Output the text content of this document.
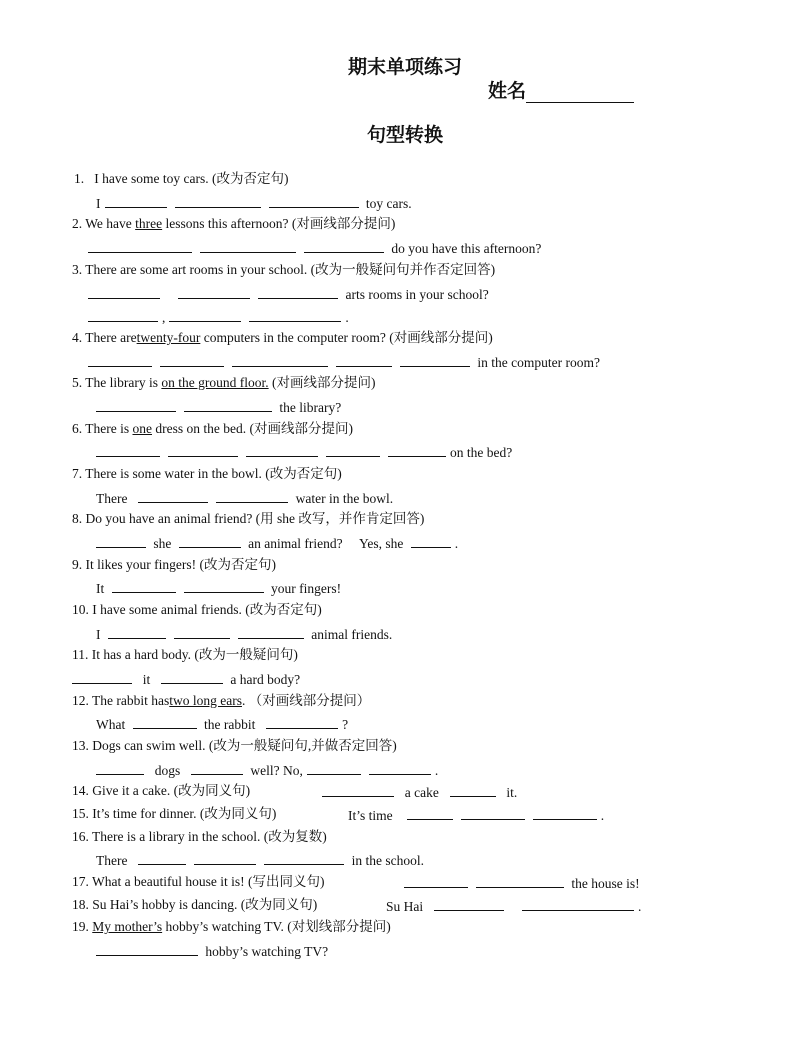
期末单项练习
姓名
句型转换
1. I have some toy cars. (改为否定句)
I	toy cars.
2. We have three lessons this afternoon? (对画线部分提问)
do you have this afternoon?
3. There are some art rooms in your school. (改为一般疑问句并作否定回答)
arts rooms in your school?
,	.
4. There aretwenty-four computers in the computer room? (对画线部分提问)
in the computer room?
5. The library is on the ground floor. (对画线部分提问)
the library?
6. There is one dress on the bed. (对画线部分提问)
on the bed?
7. There is some water in the bowl. (改为否定句)
There	water in the bowl.
8. Do you have an animal friend? (用 she 改写，并作肯定回答)
she	an animal friend? Yes, she	.
9. It likes your fingers! (改为否定句)
It	your fingers!
10. I have some animal friends. (改为否定句)
I	animal friends.
11. It has a hard body. (改为一般疑问句)
it	a hard body?
12. The rabbit hastwo long ears. （对画线部分提问）
What	the rabbit	?
13. Dogs can swim well. (改为一般疑问句,并做否定回答)
dogs	well? No,	.
14. Give it a cake. (改为同义句)	a cake	it.
15. It’s time for dinner. (改为同义句)	It’s time	.
16. There is a library in the school. (改为复数)
There	in the school.
17. What a beautiful house it is! (写出同义句)	the house is!
18. Su Hai’s hobby is dancing. (改为同义句)	Su Hai	.
19. My mother’s hobby’s watching TV. (对划线部分提问)
hobby’s watching TV?
